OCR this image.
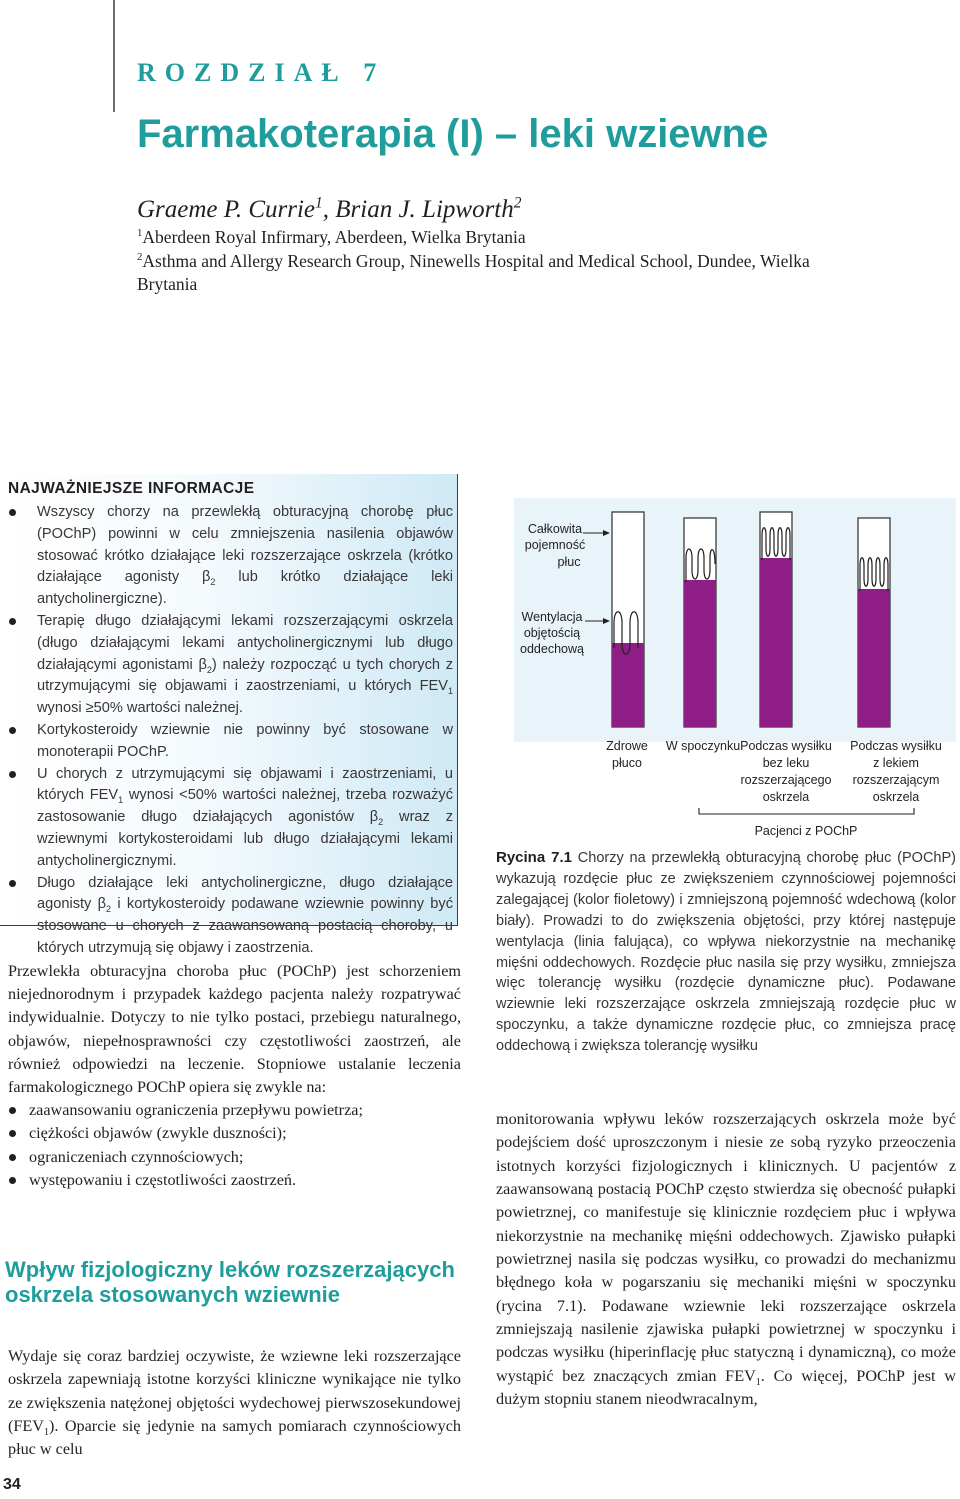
ROZDZIAŁ 7
Farmakoterapia (I) – leki wziewne
Graeme P. Currie$^1$, Brian J. Lipworth$^2$
$^1$Aberdeen Royal Infirmary, Aberdeen, Wielka Brytania
$^2$Asthma and Allergy Research Group, Ninewells Hospital and Medical School, Dundee, Wielka Brytania
NAJWAŻNIEJSZE INFORMACJE
Wszyscy chorzy na przewlekłą obturacyjną chorobę płuc (POChP) powinni w celu zmniejszenia nasilenia objawów stosować krótko działające leki rozszerzające oskrzela (krótko działające agonisty $\beta_2$ lub krótko działające leki antycholinergiczne).
Terapię długo działającymi lekami rozszerzającymi oskrzela (długo działającymi lekami antycholinergicznymi lub długo działającymi agonistami $\beta_2$) należy rozpocząć u tych chorych z utrzymującymi się objawami i zaostrzeniami, u których $FEV_1$ wynosi ≥50% wartości należnej.
Kortykosteroidy wziewnie nie powinny być stosowane w monoterapii POChP.
U chorych z utrzymującymi się objawami i zaostrzeniami, u których $FEV_1$ wynosi <50% wartości należnej, trzeba rozważyć zastosowanie długo działających agonistów $\beta_2$ wraz z wziewnymi kortykosteroidami lub długo działającymi lekami antycholinergicznymi.
Długo działające leki antycholinergiczne, długo działające agonisty $\beta_2$ i kortykosteroidy podawane wziewnie powinny być stosowane u chorych z zaawansowaną postacią choroby, u których utrzymują się objawy i zaostrzenia.

Przewlekła obturacyjna choroba płuc (POChP) jest schorzeniem niejednorodnym i przypadek każdego pacjenta należy rozpatrywać indywidualnie. Dotyczy to nie tylko postaci, przebiegu naturalnego, objawów, niepełnosprawności czy częstotliwości zaostrzeń, ale również odpowiedzi na leczenie. Stopniowe ustalanie leczenia farmakologicznego POChP opiera się zwykle na:

zaawansowaniu ograniczenia przepływu powietrza;
ciężkości objawów (zwykle duszności);
ograniczeniach czynnościowych;
występowaniu i częstotliwości zaostrzeń.
Wpływ fizjologiczny leków rozszerzających oskrzela stosowanych wziewnie

Wydaje się coraz bardziej oczywiste, że wziewne leki rozszerzające oskrzela zapewniają istotne korzyści kliniczne wynikające nie tylko ze zwiększenia natężonej objętości wydechowej pierwszosekundowej $(FEV_1)$. Oparcie się jedynie na samych pomiarach czynnościowych płuc w celu

34
Całkowita
pojemność
płuc
Wentylacja
objętością
oddechową
Zdrowe
płuco
W spoczynku Podczas wysiłku
bez leku
rozszerzającego
oskrzela
Podczas wysiłku
z lekiem
rozszerzającym
oskrzela
Pacjenci z POChP
Rycina 7.1 Chorzy na przewlekłą obturacyjną chorobę płuc (POChP) wykazują rozdęcie płuc ze zwiększeniem czynnościowej pojemności zalegającej (kolor fioletowy) i zmniejszoną pojemność wdechową (kolor biały). Prowadzi to do zwiększenia objętości, przy której następuje wentylacja (linia falująca), co wpływa niekorzystnie na mechanikę mięśni oddechowych. Rozdęcie płuc nasila się przy wysiłku, zmniejsza więc tolerancję wysiłku (rozdęcie dynamiczne płuc). Podawane wziewnie leki rozszerzające oskrzela zmniejszają rozdęcie płuc w spoczynku, a także dynamiczne rozdęcie płuc, co zmniejsza pracę oddechową i zwiększa tolerancję wysiłku

monitorowania wpływu leków rozszerzających oskrzela może być podejściem dość uproszczonym i niesie ze sobą ryzyko przeoczenia istotnych korzyści fizjologicznych i klinicznych. U pacjentów z zaawansowaną postacią POChP często stwierdza się obecność pułapki powietrznej, co manifestuje się klinicznie rozdęciem płuc i wpływa niekorzystnie na mechanikę mięśni oddechowych. Zjawisko pułapki powietrznej nasila się podczas wysiłku, co prowadzi do mechanizmu błędnego koła w pogarszaniu się mechaniki mięśni w spoczynku (rycina 7.1). Podawane wziewnie leki rozszerzające oskrzela zmniejszają nasilenie zjawiska pułapki powietrznej w spoczynku i podczas wysiłku (hiperinflację płuc statyczną i dynamiczną), co może wystąpić bez znaczących zmian $FEV_1$. Co więcej, POChP jest w dużym stopniu stanem nieodwracalnym,
